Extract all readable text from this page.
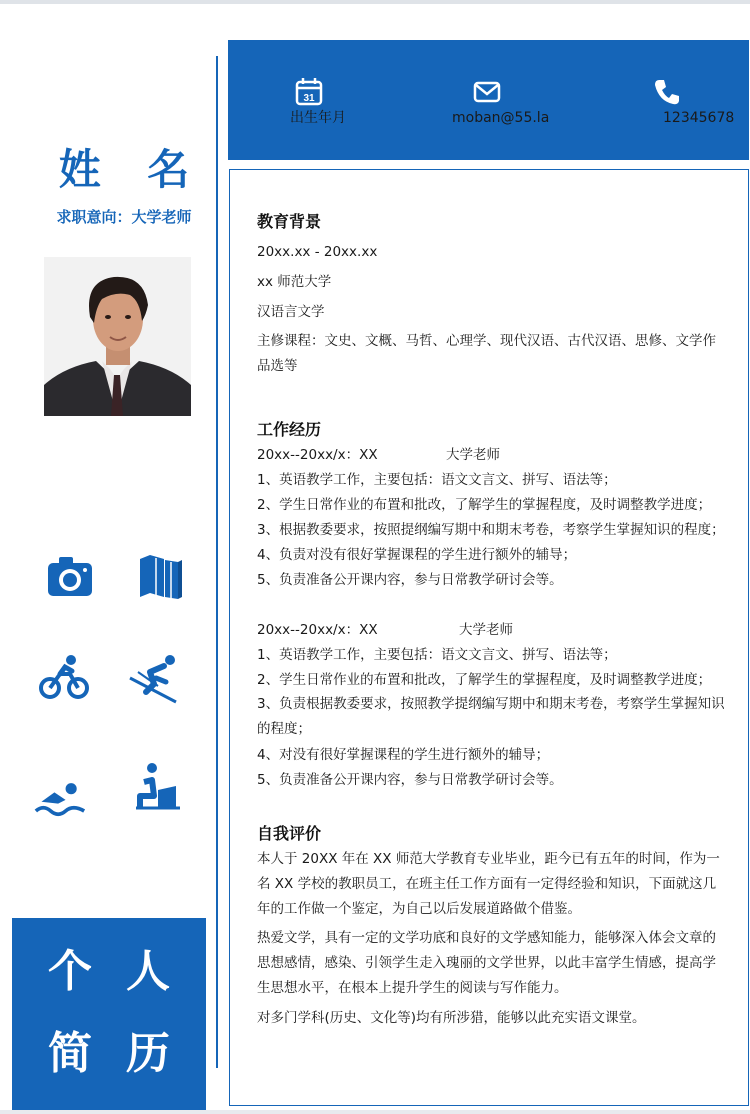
姓 名
求职意向：大学老师
个 人
简 历
31
出生年月	moban@55.la	12345678
教育背景
20xx.xx - 20xx.xx
xx 师范大学
汉语言文学
主修课程：文史、文概、马哲、心理学、现代汉语、古代汉语、思修、文学作品选等
工作经历
20xx--20xx/x：XX	大学老师
1、英语教学工作，主要包括：语文文言文、拼写、语法等；
2、学生日常作业的布置和批改，了解学生的掌握程度，及时调整教学进度；
3、根据教委要求，按照提纲编写期中和期末考卷，考察学生掌握知识的程度；
4、负责对没有很好掌握课程的学生进行额外的辅导；
5、负责准备公开课内容，参与日常教学研讨会等。
20xx--20xx/x：XX	大学老师
1、英语教学工作，主要包括：语文文言文、拼写、语法等；
2、学生日常作业的布置和批改，了解学生的掌握程度，及时调整教学进度；
3、负责根据教委要求，按照教学提纲编写期中和期末考卷，考察学生掌握知识的程度；
4、对没有很好掌握课程的学生进行额外的辅导；
5、负责准备公开课内容，参与日常教学研讨会等。
自我评价
本人于 20XX 年在 XX 师范大学教育专业毕业，距今已有五年的时间，作为一名 XX 学校的教职员工，在班主任工作方面有一定得经验和知识，下面就这几年的工作做一个鉴定，为自己以后发展道路做个借鉴。
热爱文学，具有一定的文学功底和良好的文学感知能力，能够深入体会文章的思想感情，感染、引领学生走入瑰丽的文学世界，以此丰富学生情感，提高学生思想水平，在根本上提升学生的阅读与写作能力。
对多门学科(历史、文化等)均有所涉猎，能够以此充实语文课堂。
